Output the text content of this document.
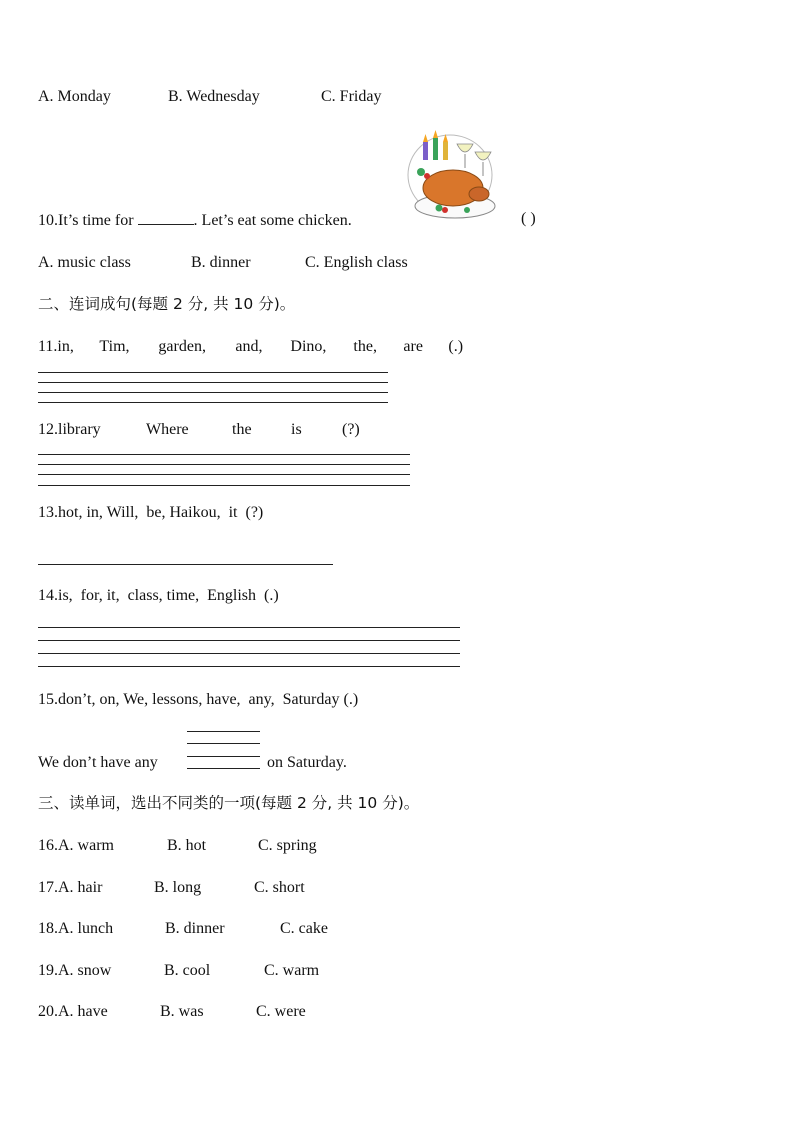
A. Monday	B. Wednesday	C. Friday
10.It’s time for	. Let’s eat some chicken.	( )
A. music class	B. dinner	C. English class
二、连词成句(每题 2 分, 共 10 分)。
11.in, Tim, garden, and, Dino, the, are (.)
12.library	Where	the is	(?)
13.hot, in, Will,  be, Haikou,  it  (?)
14.is,  for, it,  class, time,  English  (.)
15.don’t, on, We, lessons, have,  any,  Saturday (.)
We don’t have any	on Saturday.
三、读单词，选出不同类的一项(每题 2 分, 共 10 分)。
16.A. warm	B. hot	C. spring
17.A. hair	B. long	C. short
18.A. lunch	B. dinner	C. cake
19.A. snow	B. cool	C. warm
20.A. have	B. was	C. were
